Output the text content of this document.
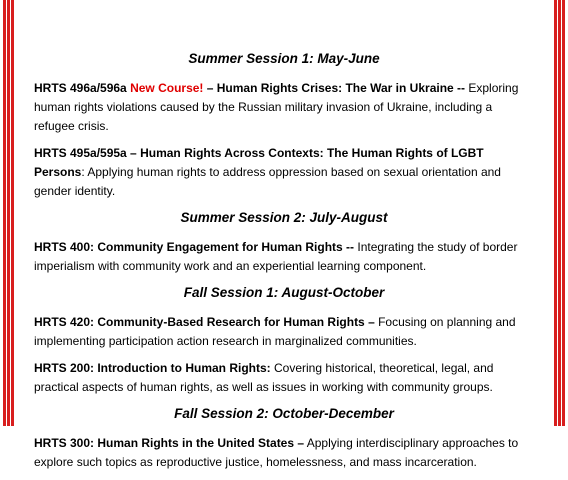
Summer Session 1: May-June

HRTS 496a/596a New Course! – Human Rights Crises: The War in Ukraine -- Exploring human rights violations caused by the Russian military invasion of Ukraine, including a refugee crisis.

HRTS 495a/595a – Human Rights Across Contexts: The Human Rights of LGBT Persons: Applying human rights to address oppression based on sexual orientation and gender identity.

Summer Session 2: July-August

HRTS 400: Community Engagement for Human Rights -- Integrating the study of border imperialism with community work and an experiential learning component.

Fall Session 1: August-October

HRTS 420: Community-Based Research for Human Rights – Focusing on planning and implementing participation action research in marginalized communities.

HRTS 200: Introduction to Human Rights: Covering historical, theoretical, legal, and practical aspects of human rights, as well as issues in working with community groups.

Fall Session 2: October-December

HRTS 300: Human Rights in the United States – Applying interdisciplinary approaches to explore such topics as reproductive justice, homelessness, and mass incarceration.
